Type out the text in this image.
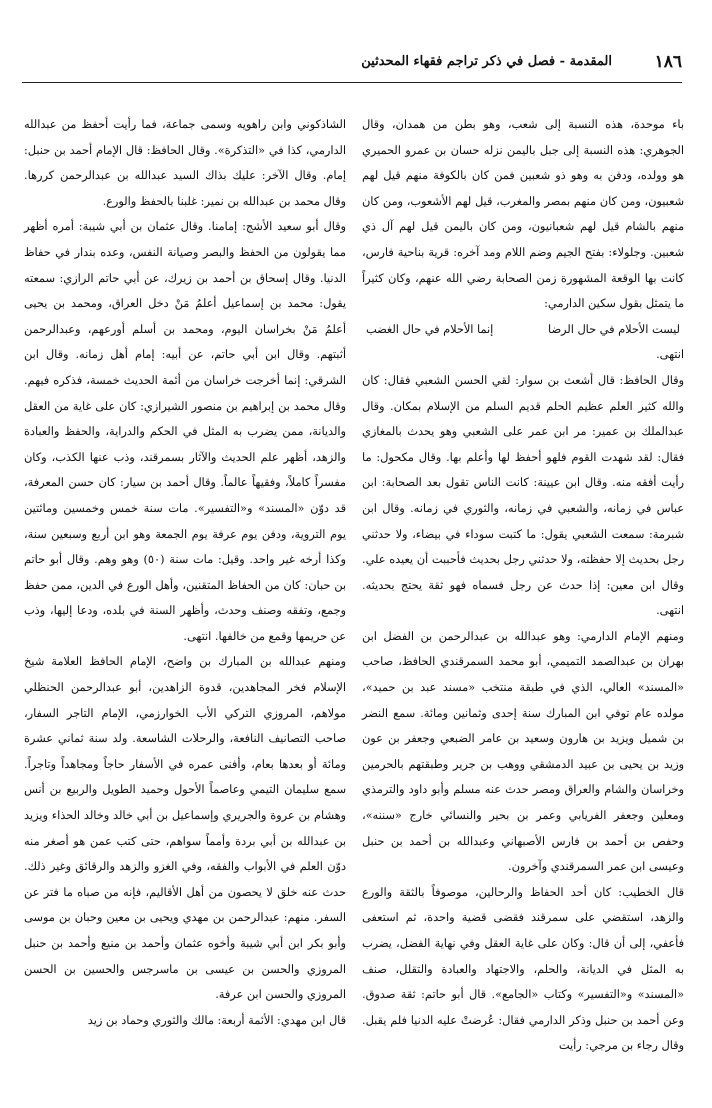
المقدمة - فصل في ذكر تراجم فقهاء المحدثين	١٨٦

باء موحدة، هذه النسبة إلى شعب، وهو بطن من همدان، وقال الجوهري: هذه النسبة إلى جبل باليمن نزله حسان بن عمرو الحميري هو وولده، ودفن به وهو ذو شعبين فمن كان بالكوفة منهم قيل لهم شعبيون، ومن كان منهم بمصر والمغرب، قيل لهم الأشعوب، ومن كان منهم بالشام قيل لهم شعبانيون، ومن كان باليمن قيل لهم آل ذي شعبين. وجلولاء: بفتح الجيم وضم اللام ومد آخره: قرية بناحية فارس، كانت بها الوقعة المشهورة زمن الصحابة رضي الله عنهم، وكان كثيراً ما يتمثل بقول سكين الدارمي:

ليست الأحلام في حال الرضا
إنما الأحلام في حال الغضب

انتهى.

وقال الحافظ: قال أشعث بن سوار: لقي الحسن الشعبي فقال: كان والله كثير العلم عظيم الحلم قديم السلم من الإسلام بمكان. وقال عبدالملك بن عمير: مر ابن عمر على الشعبي وهو يحدث بالمغازي فقال: لقد شهدت القوم فلهو أحفظ لها وأعلم بها. وقال مكحول: ما رأيت أفقه منه. وقال ابن عيينة: كانت الناس تقول بعد الصحابة: ابن عباس في زمانه، والشعبي في زمانه، والثوري في زمانه. وقال ابن شبرمة: سمعت الشعبي يقول: ما كتبت سوداء في بيضاء، ولا حدثني رجل بحديث إلا حفظته، ولا حدثني رجل بحديث فأحببت أن يعيده علي. وقال ابن معين: إذا حدث عن رجل فسماه فهو ثقة يحتج بحديثه. انتهى.

ومنهم الإمام الدارمي: وهو عبدالله بن عبدالرحمن بن الفضل ابن بهران بن عبدالصمد التميمي، أبو محمد السمرقندي الحافظ، صاحب «المسند» العالي، الذي في طبقة منتخب «مسند عبد بن حميد»، مولده عام توفي ابن المبارك سنة إحدى وثمانين ومائة. سمع النضر بن شميل ويزيد بن هارون وسعيد بن عامر الضبعي وجعفر بن عون وزيد بن يحيى بن عبيد الدمشقي ووهب بن جرير وطبقتهم بالحرمين وخراسان والشام والعراق ومصر حدث عنه مسلم وأبو داود والترمذي ومعلين وجعفر الفريابي وعمر بن بحير والنسائي خارج «سننه»، وحفص بن أحمد بن فارس الأصبهاني وعبدالله بن أحمد بن حنبل وعيسى ابن عمر السمرقندي وآخرون.

قال الخطيب: كان أحد الحفاظ والرحالين، موصوفاً بالثقة والورع والزهد، استقضي على سمرقند فقضى قضية واحدة، ثم استعفى فأعفي، إلى أن قال: وكان على غاية العقل وفي نهاية الفضل، يضرب به المثل في الديانة، والحلم، والاجتهاد والعبادة والتقلل، صنف «المسند» و«التفسير» وكتاب «الجامع». قال أبو حاتم: ثقة صدوق. وعن أحمد بن حنبل وذكر الدارمي فقال: عُرضتْ عليه الدنيا فلم يقبل. وقال رجاء بن مرجي: رأيت

الشاذكوني وابن راهويه وسمى جماعة، فما رأيت أحفظ من عبدالله الدارمي، كذا في «التذكرة». وقال الحافظ: قال الإمام أحمد بن حنبل: إمام. وقال الآخر: عليك بذاك السيد عبدالله بن عبدالرحمن كررها. وقال محمد بن عبدالله بن نمير: غلبنا بالحفظ والورع.

وقال أبو سعيد الأشج: إمامنا. وقال عثمان بن أبي شيبة: أمره أظهر مما يقولون من الحفظ والبصر وصيانة النفس، وعده بندار في حفاظ الدنيا. وقال إسحاق بن أحمد بن زيرك، عن أبي حاتم الرازي: سمعته يقول: محمد بن إسماعيل أعلمُ مَنْ دخل العراق، ومحمد بن يحيى أعلمُ مَنْ بخراسان اليوم، ومحمد بن أسلم أورعهم، وعبدالرحمن أثبتهم. وقال ابن أبي حاتم، عن أبيه: إمام أهل زمانه. وقال ابن الشرقي: إنما أخرجت خراسان من أئمة الحديث خمسة، فذكره فيهم. وقال محمد بن إبراهيم بن منصور الشيرازي: كان على غاية من العقل والديانة، ممن يضرب به المثل في الحكم والدراية، والحفظ والعبادة والزهد، أظهر علم الحديث والآثار بسمرقند، وذب عنها الكذب، وكان مفسراً كاملاً، وفقيهاً عالماً. وقال أحمد بن سيار: كان حسن المعرفة، قد دوّن «المسند» و«التفسير». مات سنة خمس وخمسين ومائتين يوم التروية، ودفن يوم عرفة يوم الجمعة وهو ابن أربع وسبعين سنة، وكذا أرخه غير واحد. وقيل: مات سنة (٥٠) وهو وهم. وقال أبو حاتم بن حبان: كان من الحفاظ المتقنين، وأهل الورع في الدين، ممن حفظ وجمع، وتفقه وصنف وحدث، وأظهر السنة في بلده، ودعا إليها، وذب عن حريمها وقمع من خالفها. انتهى.

ومنهم عبدالله بن المبارك بن واضح، الإمام الحافظ العلامة شيخ الإسلام فخر المجاهدين، قدوة الزاهدين، أبو عبدالرحمن الحنظلي مولاهم، المروزي التركي الأب الخوارزمي، الإمام التاجر السفار، صاحب التصانيف النافعة، والرحلات الشاسعة. ولد سنة ثماني عشرة ومائة أو بعدها بعام، وأفنى عمره في الأسفار حاجاً ومجاهداً وتاجراً. سمع سليمان التيمي وعاصماً الأحول وحميد الطويل والربيع بن أنس وهشام بن عروة والجريري وإسماعيل بن أبي خالد وخالد الحذاء ويزيد بن عبدالله بن أبي بردة وأمماً سواهم، حتى كتب عمن هو أصغر منه دوّن العلم في الأبواب والفقه، وفي الغزو والزهد والرقائق وغير ذلك. حدث عنه خلق لا يحصون من أهل الأقاليم، فإنه من صباه ما فتر عن السفر. منهم: عبدالرحمن بن مهدي ويحيى بن معين وحبان بن موسى وأبو بكر ابن أبي شيبة وأخوه عثمان وأحمد بن منيع وأحمد بن حنبل المروزي والحسن بن عيسى بن ماسرجس والحسين بن الحسن المروزي والحسن ابن عرفة.

قال ابن مهدي: الأئمة أربعة: مالك والثوري وحماد بن زيد
